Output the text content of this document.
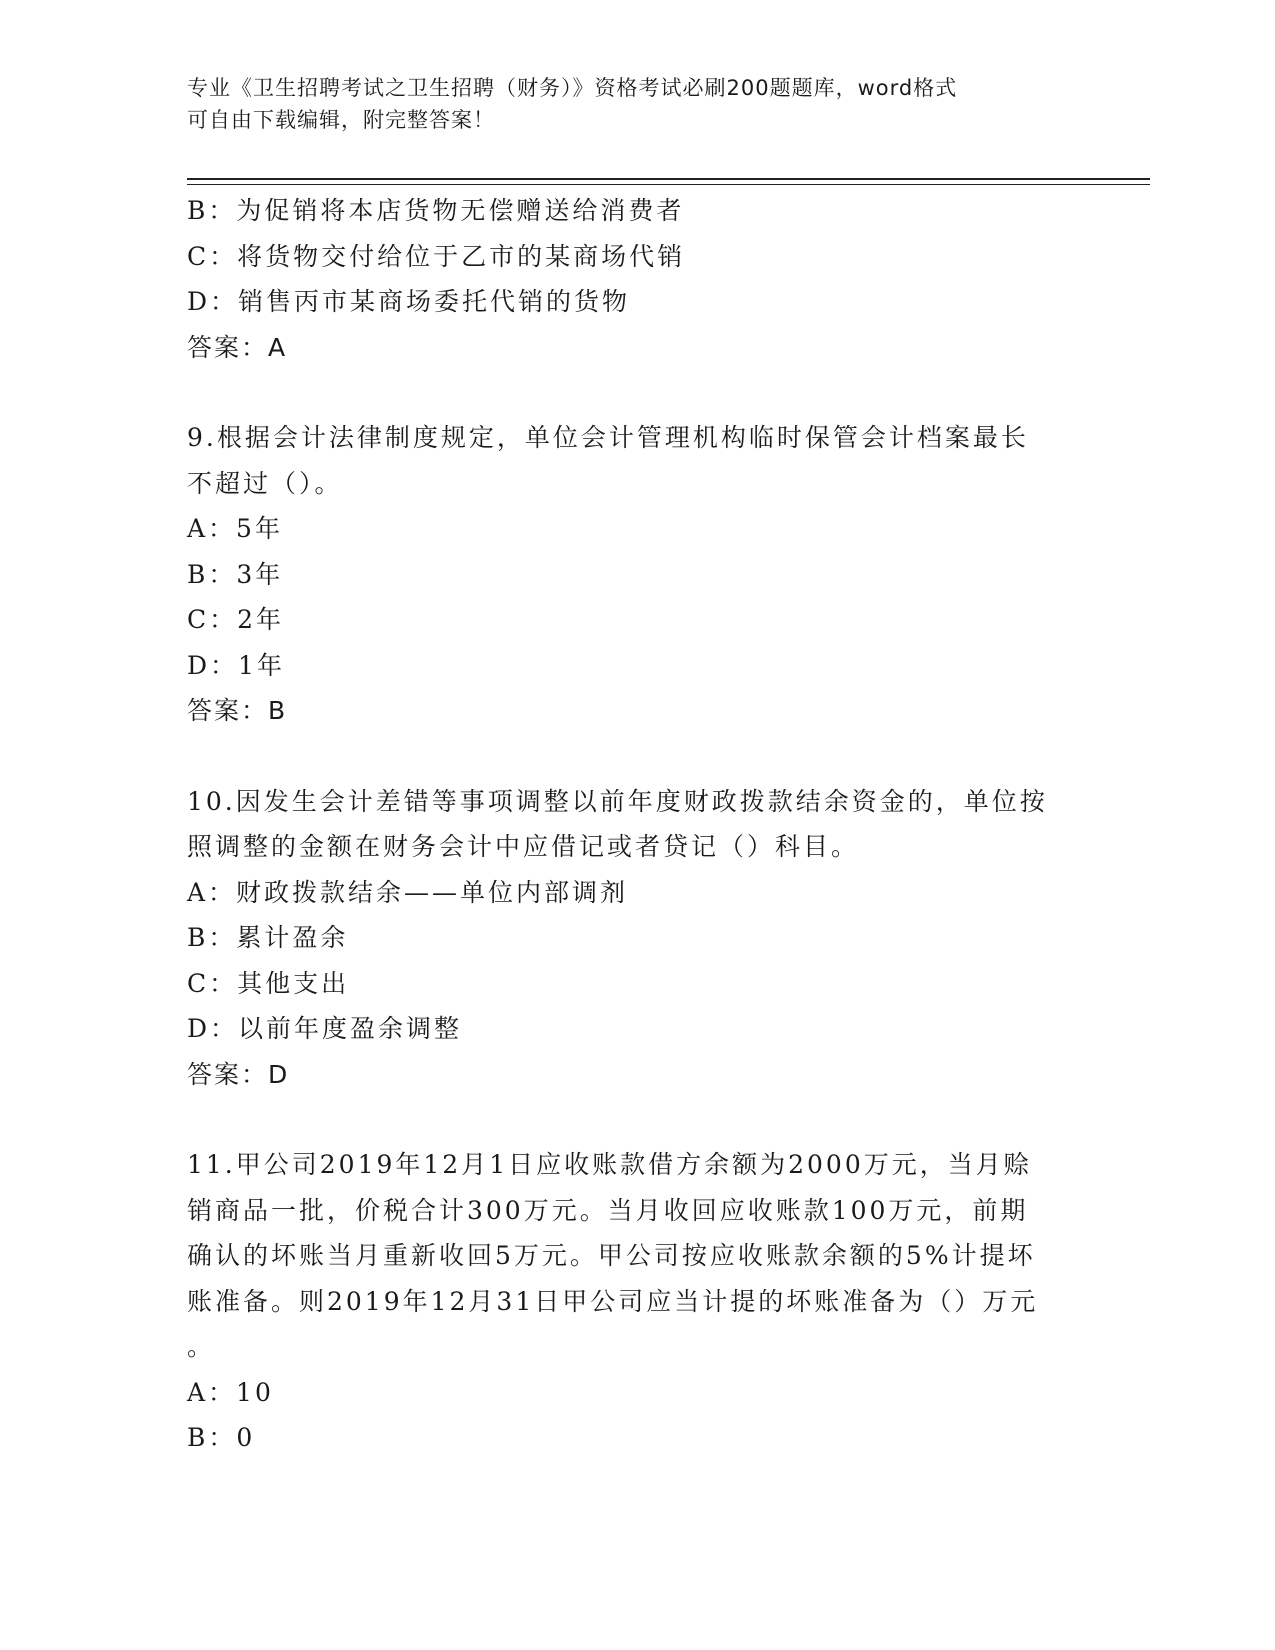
专业《卫生招聘考试之卫生招聘（财务）》资格考试必刷200题题库，word格式
可自由下载编辑，附完整答案！
B：为促销将本店货物无偿赠送给消费者
C：将货物交付给位于乙市的某商场代销
D：销售丙市某商场委托代销的货物
答案：A
9.根据会计法律制度规定，单位会计管理机构临时保管会计档案最长
不超过（）。
A：5年
B：3年
C：2年
D：1年
答案：B
10.因发生会计差错等事项调整以前年度财政拨款结余资金的，单位按
照调整的金额在财务会计中应借记或者贷记（）科目。
A：财政拨款结余——单位内部调剂
B：累计盈余
C：其他支出
D：以前年度盈余调整
答案：D
11.甲公司2019年12月1日应收账款借方余额为2000万元，当月赊
销商品一批，价税合计300万元。当月收回应收账款100万元，前期
确认的坏账当月重新收回5万元。甲公司按应收账款余额的5%计提坏
账准备。则2019年12月31日甲公司应当计提的坏账准备为（）万元
。
A：10
B：0
